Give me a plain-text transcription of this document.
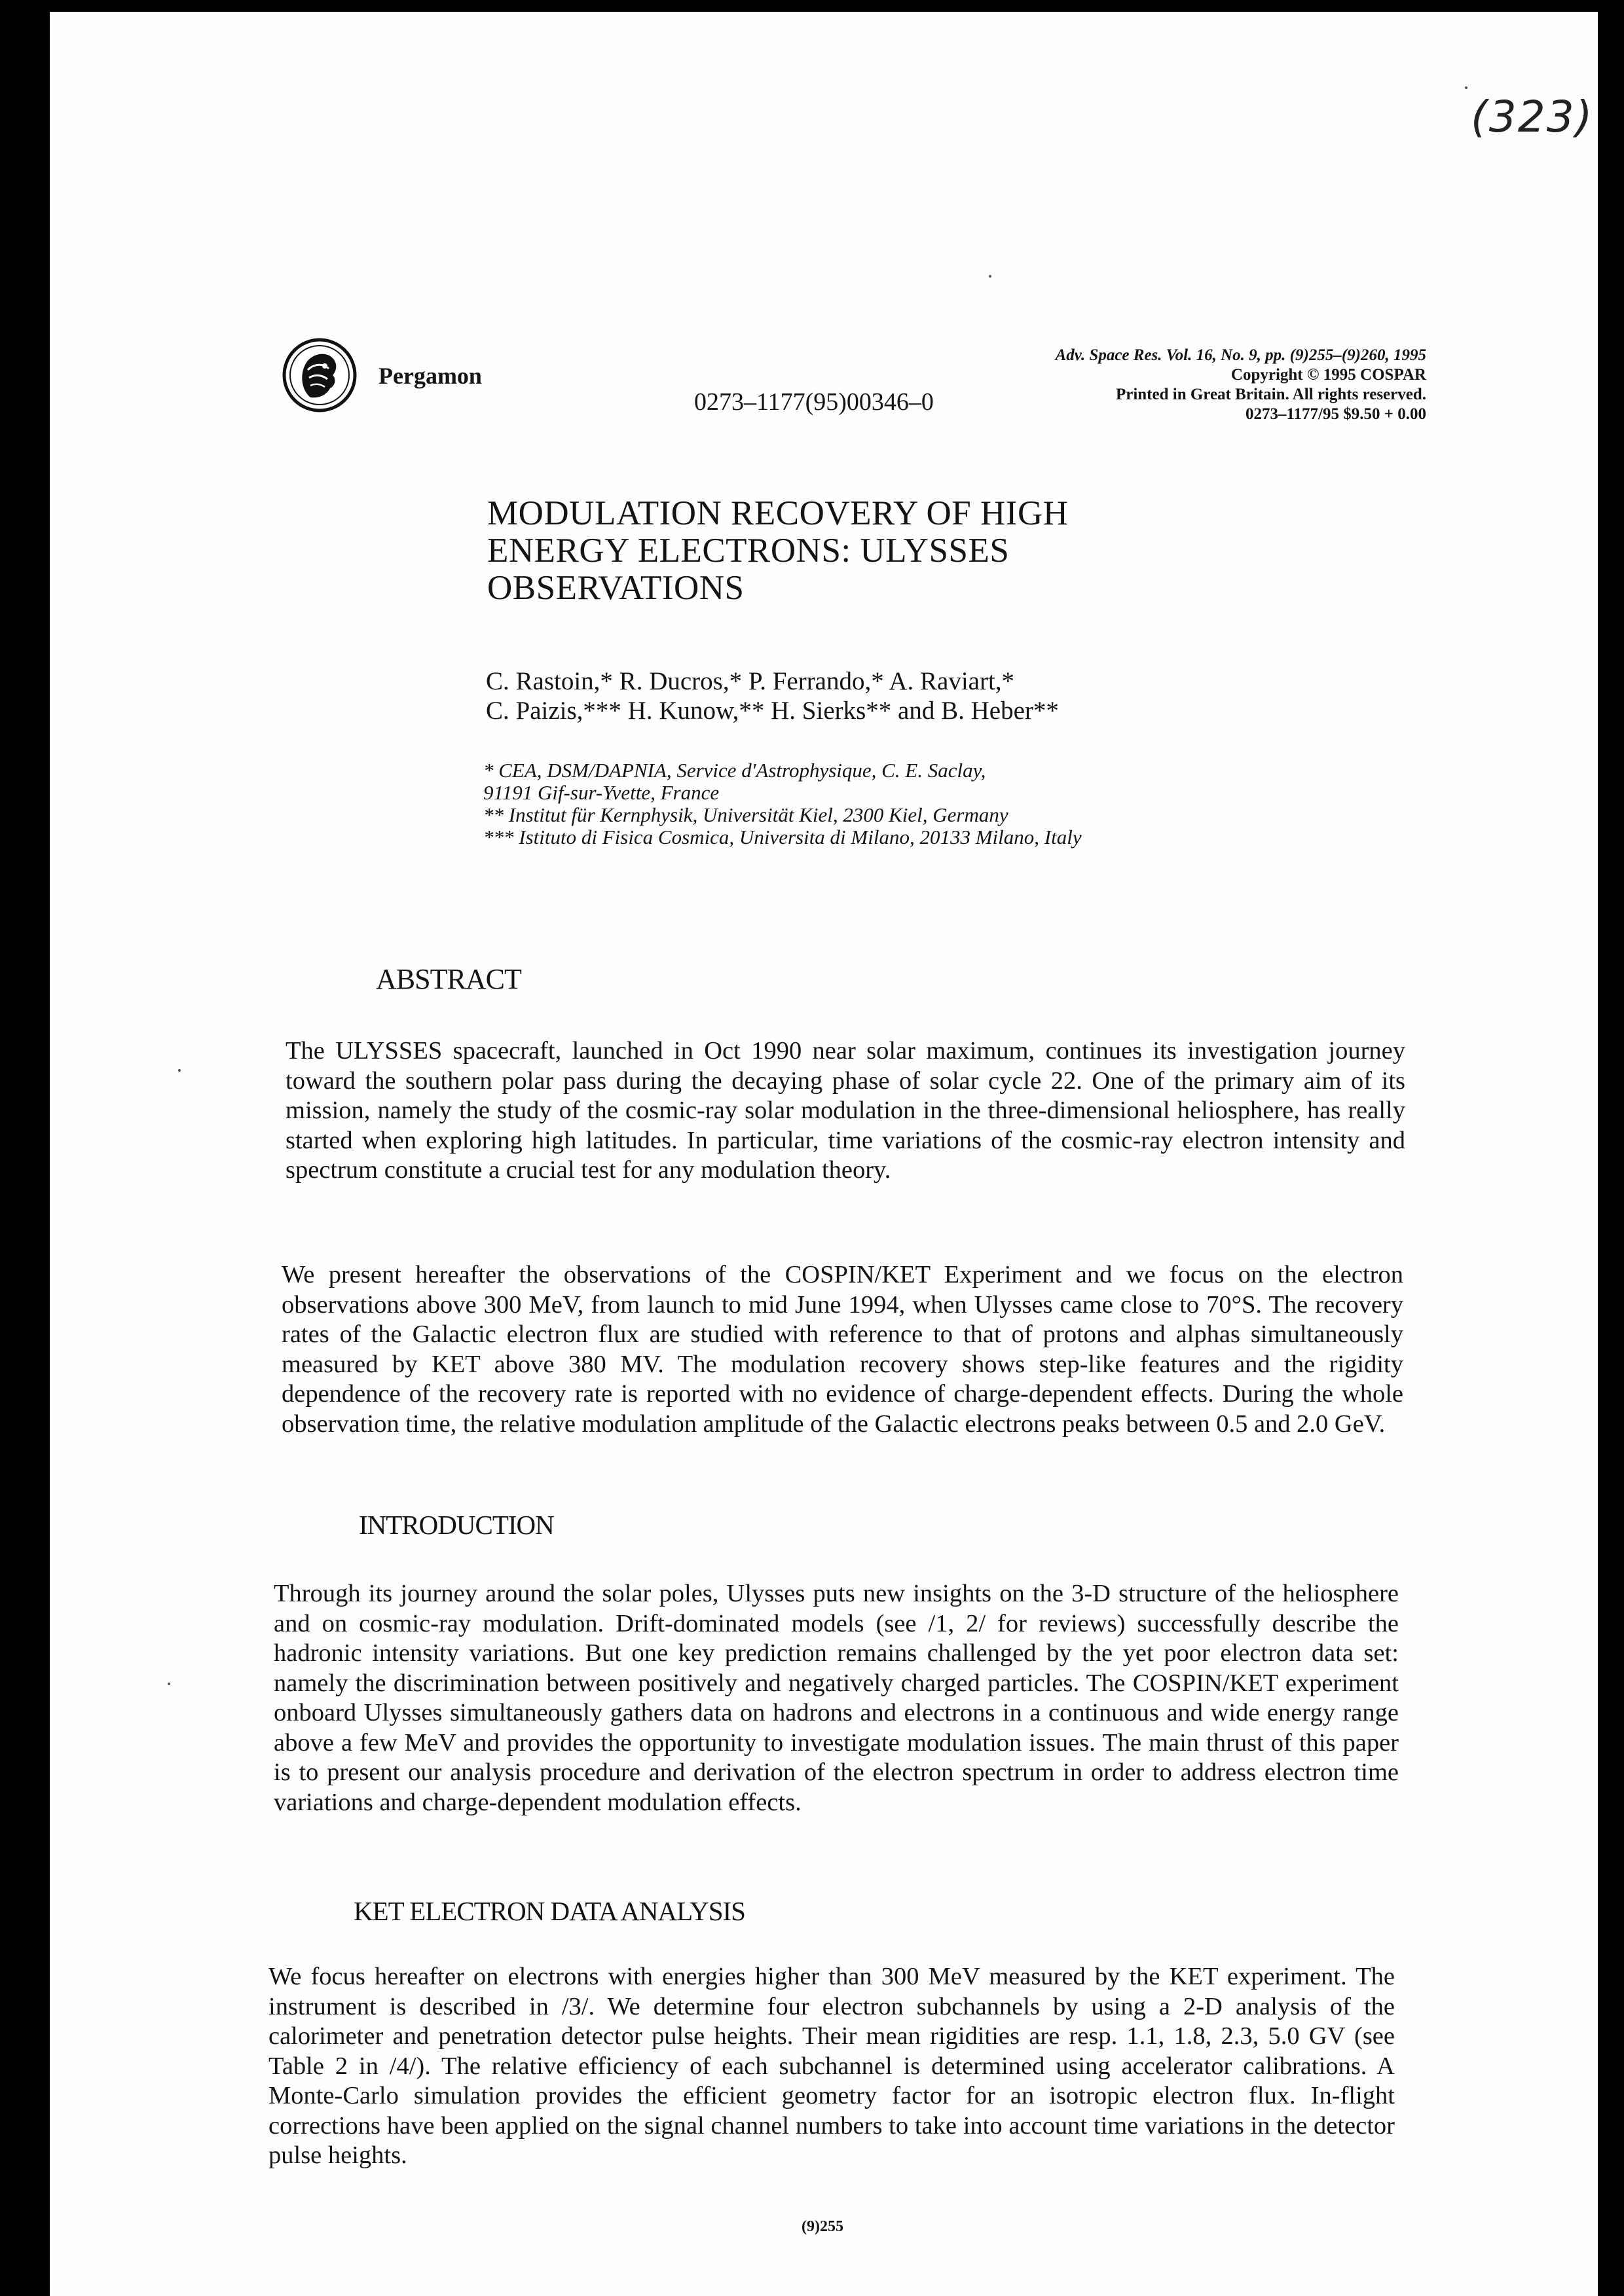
(323)
Pergamon
0273–1177(95)00346–0
Adv. Space Res. Vol. 16, No. 9, pp. (9)255–(9)260, 1995
Copyright © 1995 COSPAR
Printed in Great Britain. All rights reserved.
0273–1177/95 $9.50 + 0.00
MODULATION RECOVERY OF HIGH
ENERGY ELECTRONS: ULYSSES
OBSERVATIONS
C. Rastoin,* R. Ducros,* P. Ferrando,* A. Raviart,*
C. Paizis,*** H. Kunow,** H. Sierks** and B. Heber**
* CEA, DSM/DAPNIA, Service d'Astrophysique, C. E. Saclay,
91191 Gif-sur-Yvette, France
** Institut für Kernphysik, Universität Kiel, 2300 Kiel, Germany
*** Istituto di Fisica Cosmica, Universita di Milano, 20133 Milano, Italy
ABSTRACT

The ULYSSES spacecraft, launched in Oct 1990 near solar maximum, continues its investigation journey toward the southern polar pass during the decaying phase of solar cycle 22. One of the primary aim of its mission, namely the study of the cosmic-ray solar modulation in the three-dimensional heliosphere, has really started when exploring high latitudes. In particular, time variations of the cosmic-ray electron intensity and spectrum constitute a crucial test for any modulation theory.

We present hereafter the observations of the COSPIN/KET Experiment and we focus on the electron observations above 300 MeV, from launch to mid June 1994, when Ulysses came close to 70°S. The recovery rates of the Galactic electron flux are studied with reference to that of protons and alphas simultaneously measured by KET above 380 MV. The modulation recovery shows step-like features and the rigidity dependence of the recovery rate is reported with no evidence of charge-dependent effects. During the whole observation time, the relative modulation amplitude of the Galactic electrons peaks between 0.5 and 2.0 GeV.

INTRODUCTION

Through its journey around the solar poles, Ulysses puts new insights on the 3-D structure of the heliosphere and on cosmic-ray modulation. Drift-dominated models (see /1, 2/ for reviews) successfully describe the hadronic intensity variations. But one key prediction remains challenged by the yet poor electron data set: namely the discrimination between positively and negatively charged particles. The COSPIN/KET experiment onboard Ulysses simultaneously gathers data on hadrons and electrons in a continuous and wide energy range above a few MeV and provides the opportunity to investigate modulation issues. The main thrust of this paper is to present our analysis procedure and derivation of the electron spectrum in order to address electron time variations and charge-dependent modulation effects.

KET ELECTRON DATA ANALYSIS

We focus hereafter on electrons with energies higher than 300 MeV measured by the KET experiment. The instrument is described in /3/. We determine four electron subchannels by using a 2-D analysis of the calorimeter and penetration detector pulse heights. Their mean rigidities are resp. 1.1, 1.8, 2.3, 5.0 GV (see Table 2 in /4/). The relative efficiency of each subchannel is determined using accelerator calibrations. A Monte-Carlo simulation provides the efficient geometry factor for an isotropic electron flux. In-flight corrections have been applied on the signal channel numbers to take into account time variations in the detector pulse heights.

(9)255
